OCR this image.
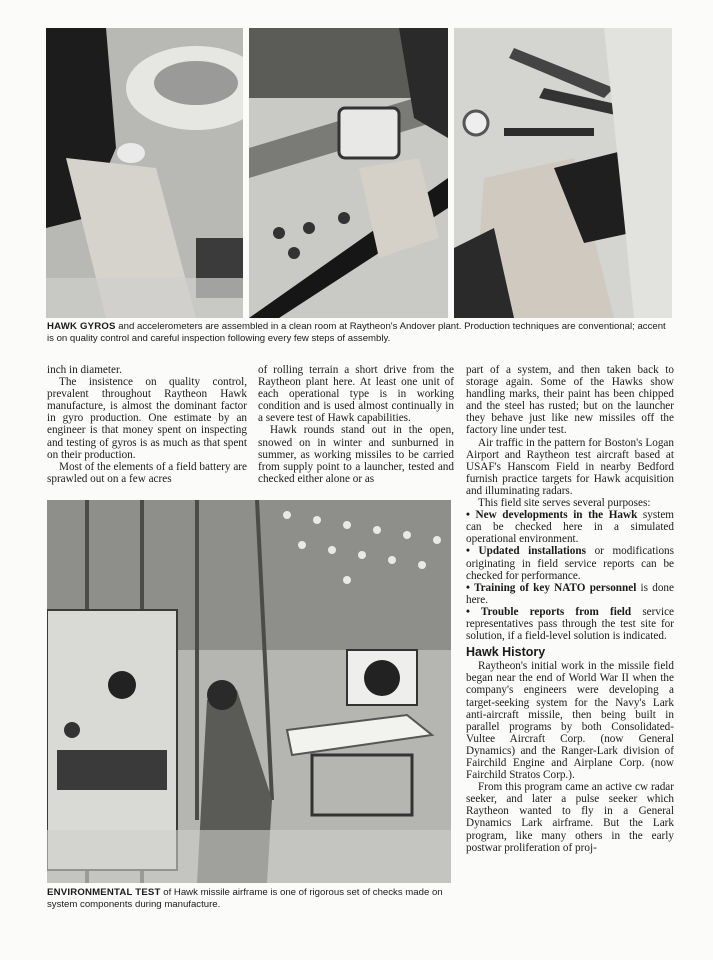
HAWK GYROS and accelerometers are assembled in a clean room at Raytheon's Andover plant. Production techniques are conventional; accent is on quality control and careful inspection following every few steps of assembly.

inch in diameter.

The insistence on quality control, prevalent throughout Raytheon Hawk manufacture, is almost the dominant factor in gyro production. One estimate by an engineer is that money spent on inspecting and testing of gyros is as much as that spent on their production.

Most of the elements of a field battery are sprawled out on a few acres

of rolling terrain a short drive from the Raytheon plant here. At least one unit of each operational type is in working condition and is used almost continually in a severe test of Hawk capabilities.

Hawk rounds stand out in the open, snowed on in winter and sunburned in summer, as working missiles to be carried from supply point to a launcher, tested and checked either alone or as

part of a system, and then taken back to storage again. Some of the Hawks show handling marks, their paint has been chipped and the steel has rusted; but on the launcher they behave just like new missiles off the factory line under test.

Air traffic in the pattern for Boston's Logan Airport and Raytheon test aircraft based at USAF's Hanscom Field in nearby Bedford furnish practice targets for Hawk acquisition and illuminating radars.

This field site serves several purposes:

• New developments in the Hawk system can be checked here in a simulated operational environment.

• Updated installations or modifications originating in field service reports can be checked for performance.

• Training of key NATO personnel is done here.

• Trouble reports from field service representatives pass through the test site for solution, if a field-level solution is indicated.

Hawk History

Raytheon's initial work in the missile field began near the end of World War II when the company's engineers were developing a target-seeking system for the Navy's Lark anti-aircraft missile, then being built in parallel programs by both Consolidated-Vultee Aircraft Corp. (now General Dynamics) and the Ranger-Lark division of Fairchild Engine and Airplane Corp. (now Fairchild Stratos Corp.).

From this program came an active cw radar seeker, and later a pulse seeker which Raytheon wanted to fly in a General Dynamics Lark airframe. But the Lark program, like many others in the early postwar proliferation of proj-

ENVIRONMENTAL TEST of Hawk missile airframe is one of rigorous set of checks made on system components during manufacture.
